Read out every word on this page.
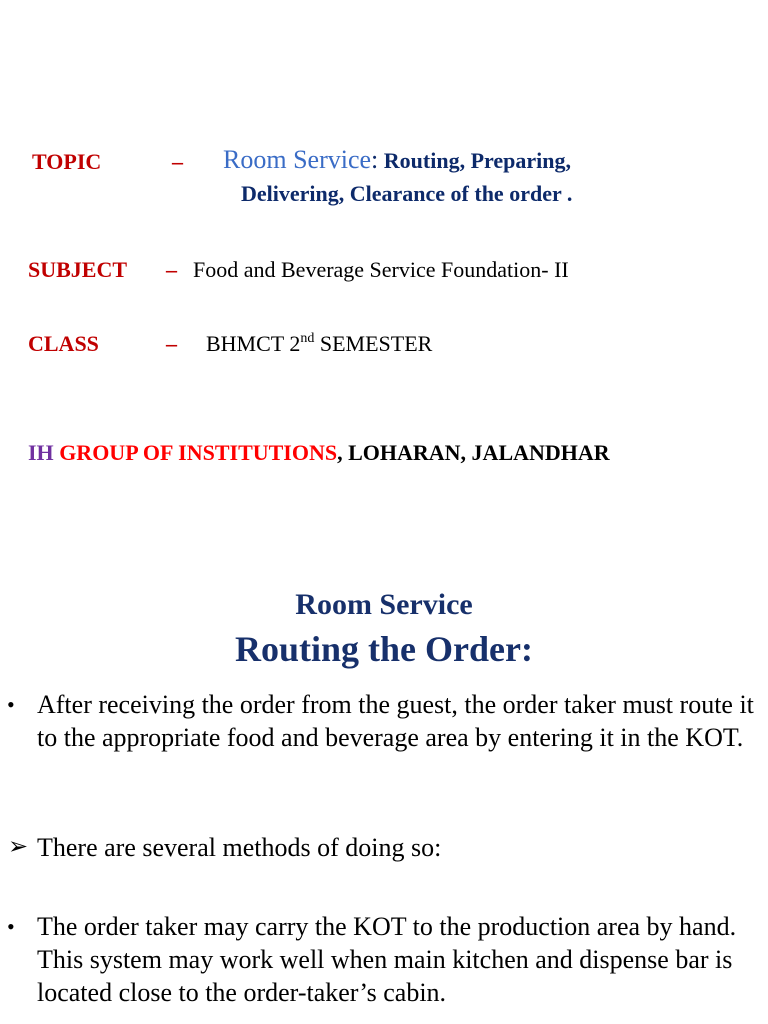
TOPIC	– Room Service: Routing, Preparing,
Delivering, Clearance of the order .
SUBJECT – Food and Beverage Service Foundation- II
CLASS	– BHMCT 2nd SEMESTER
IH GROUP OF INSTITUTIONS, LOHARAN, JALANDHAR
Room Service
Routing the Order:
• After receiving the order from the guest, the order taker must route it to the appropriate food and beverage area by entering it in the KOT.
➢ There are several methods of doing so:
• The order taker may carry the KOT to the production area by hand. This system may work well when main kitchen and dispense bar is located close to the order-taker’s cabin.
